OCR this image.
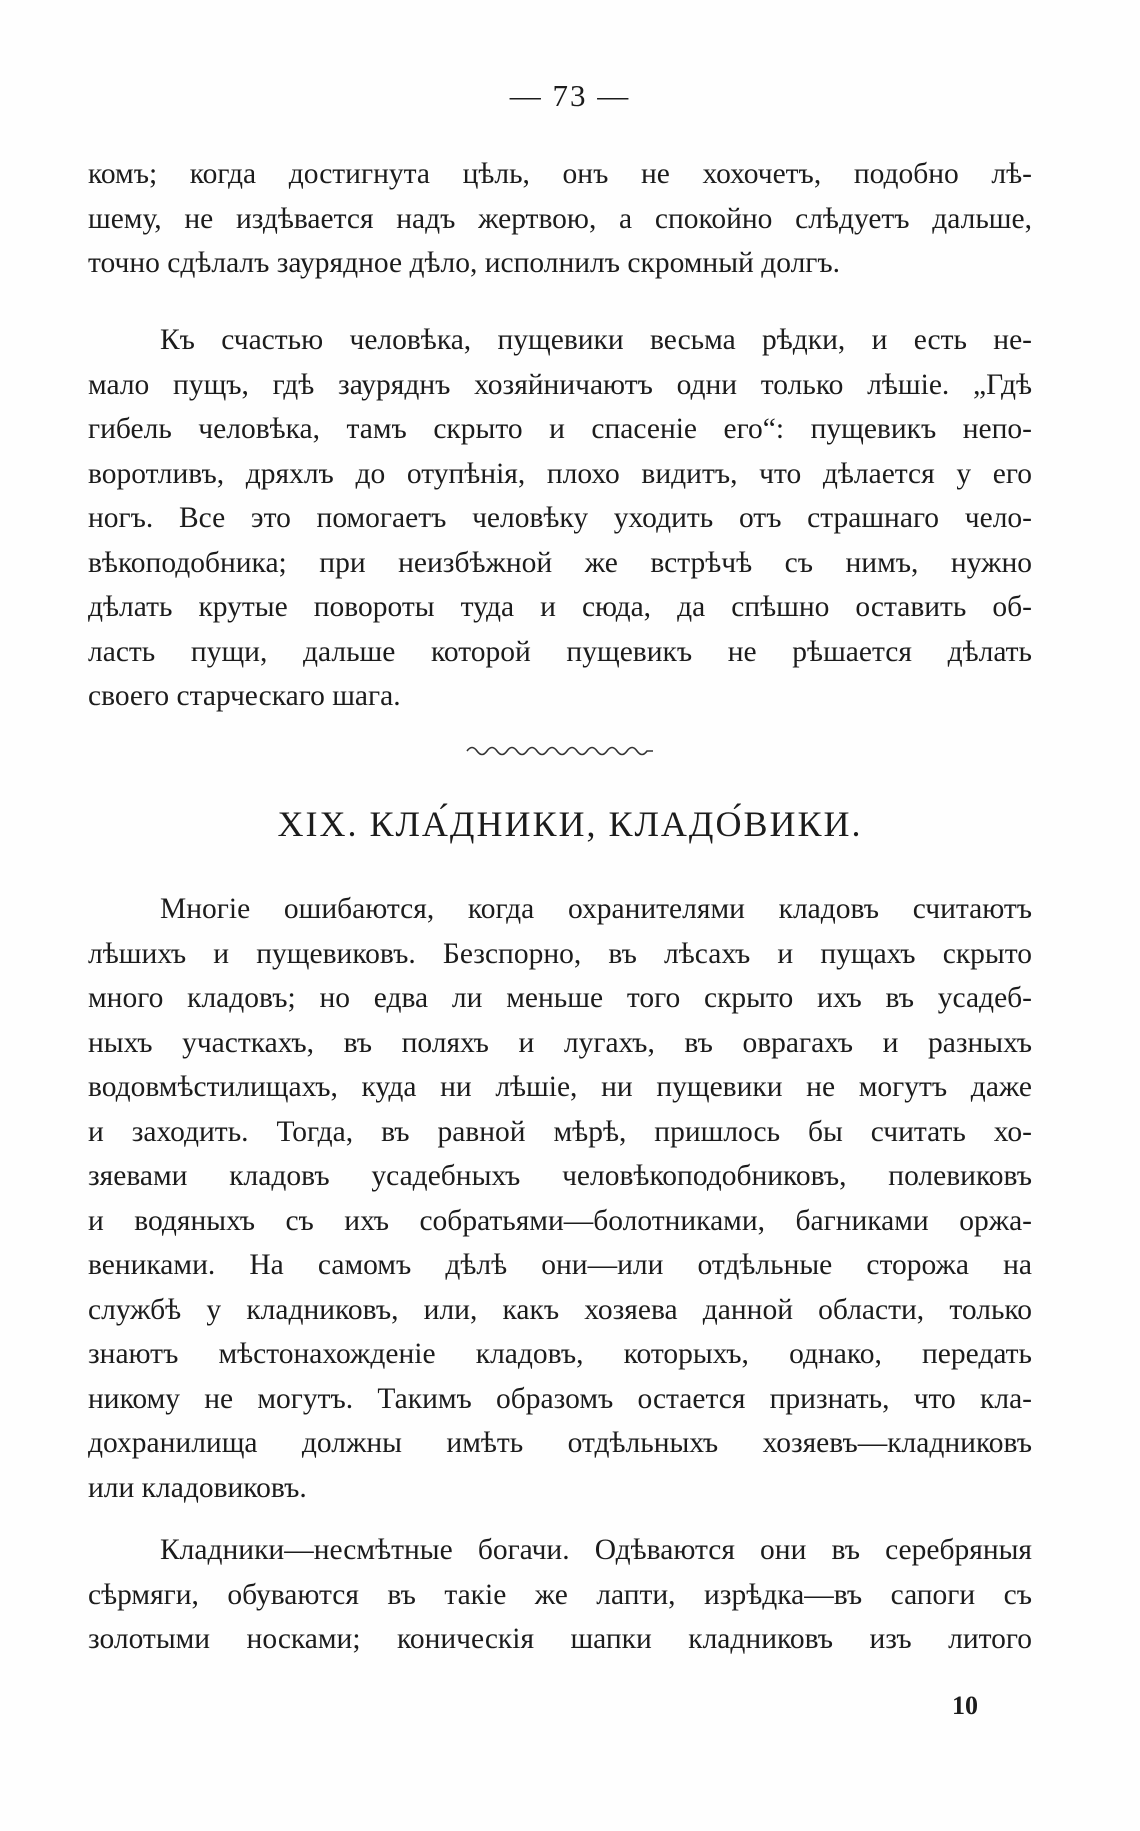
— 73 —
комъ; когда достигнута цѣль, онъ не хохочетъ, подобно лѣ-
шему, не издѣвается надъ жертвою, а спокойно слѣдуетъ дальше,
точно сдѣлалъ заурядное дѣло, исполнилъ скромный долгъ.
Къ счастью человѣка, пущевики весьма рѣдки, и есть не-
мало пущъ, гдѣ зауряднъ хозяйничаютъ одни только лѣшiе. „Гдѣ
гибель человѣка, тамъ скрыто и спасенiе его“: пущевикъ непо-
воротливъ, дряхлъ до отупѣнiя, плохо видитъ, что дѣлается у его
ногъ. Все это помогаетъ человѣку уходить отъ страшнаго чело-
вѣкоподобника; при неизбѣжной же встрѣчѣ съ нимъ, нужно
дѣлать крутые повороты туда и сюда, да спѣшно оставить об-
ласть пущи, дальше которой пущевикъ не рѣшается дѣлать
своего старческаго шага.
XIX. КЛА́ДНИКИ, КЛАДО́ВИКИ.
Многiе ошибаются, когда охранителями кладовъ считаютъ
лѣшихъ и пущевиковъ. Безспорно, въ лѣсахъ и пущахъ скрыто
много кладовъ; но едва ли меньше того скрыто ихъ въ усадеб-
ныхъ участкахъ, въ поляхъ и лугахъ, въ оврагахъ и разныхъ
водовмѣстилищахъ, куда ни лѣшiе, ни пущевики не могутъ даже
и заходить. Тогда, въ равной мѣрѣ, пришлось бы считать хо-
зяевами кладовъ усадебныхъ человѣкоподобниковъ, полевиковъ
и водяныхъ съ ихъ собратьями—болотниками, багниками оржа-
вениками. На самомъ дѣлѣ они—или отдѣльные сторожа на
службѣ у кладниковъ, или, какъ хозяева данной области, только
знаютъ мѣстонахожденiе кладовъ, которыхъ, однако, передать
никому не могутъ. Такимъ образомъ остается признать, что кла-
дохранилища должны имѣть отдѣльныхъ хозяевъ—кладниковъ
или кладовиковъ.
Кладники—несмѣтные богачи. Одѣваются они въ серебряныя
сѣрмяги, обуваются въ такiе же лапти, изрѣдка—въ сапоги съ
золотыми носками; коническiя шапки кладниковъ изъ литого
10
